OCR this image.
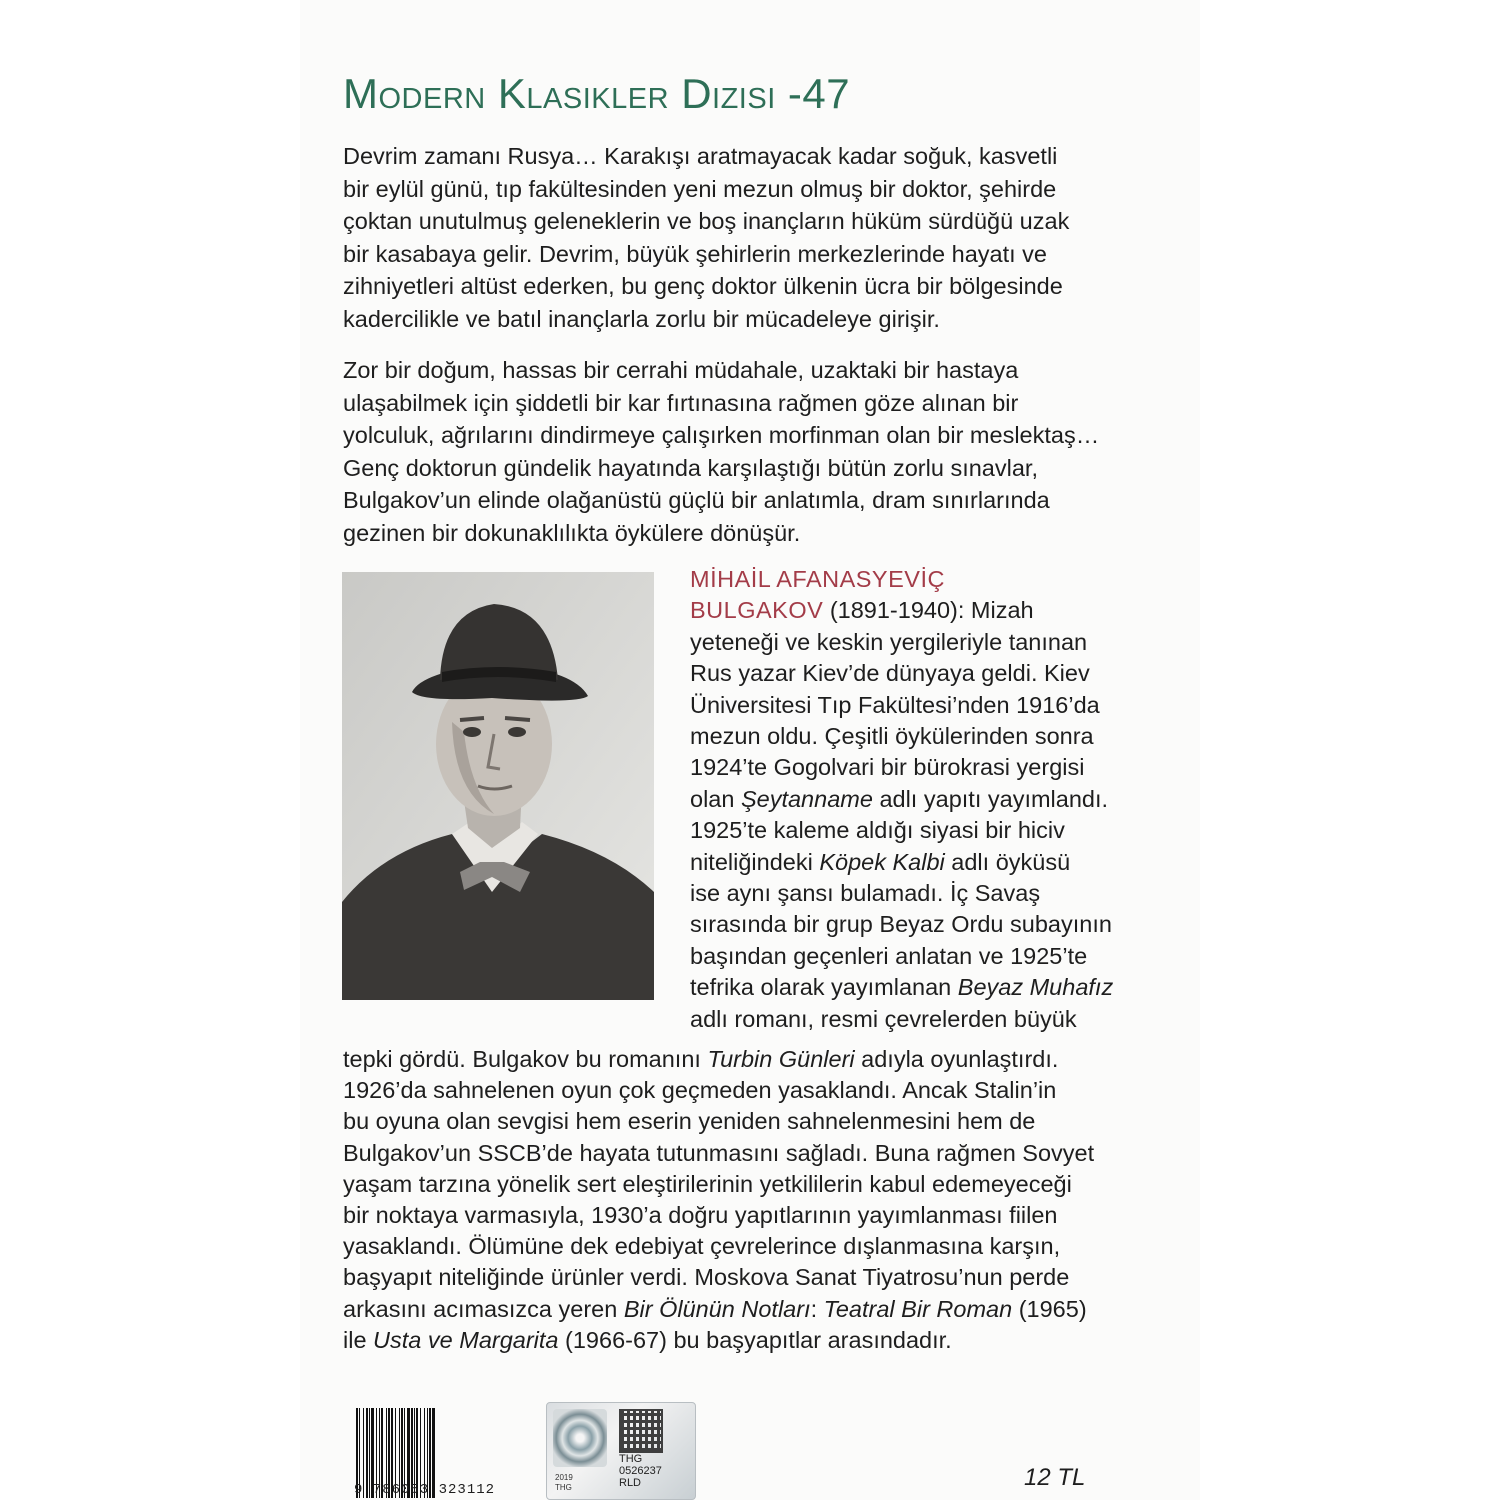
Modern Klasikler Dizisi -47

Devrim zamanı Rusya… Karakışı aratmayacak kadar soğuk, kasvetli

bir eylül günü, tıp fakültesinden yeni mezun olmuş bir doktor, şehirde

çoktan unutulmuş geleneklerin ve boş inançların hüküm sürdüğü uzak

bir kasabaya gelir. Devrim, büyük şehirlerin merkezlerinde hayatı ve

zihniyetleri altüst ederken, bu genç doktor ülkenin ücra bir bölgesinde

kadercilikle ve batıl inançlarla zorlu bir mücadeleye girişir.

Zor bir doğum, hassas bir cerrahi müdahale, uzaktaki bir hastaya

ulaşabilmek için şiddetli bir kar fırtınasına rağmen göze alınan bir

yolculuk, ağrılarını dindirmeye çalışırken morfinman olan bir meslektaş…

Genç doktorun gündelik hayatında karşılaştığı bütün zorlu sınavlar,

Bulgakov’un elinde olağanüstü güçlü bir anlatımla, dram sınırlarında

gezinen bir dokunaklılıkta öykülere dönüşür.

MİHAİL AFANASYEVİÇ

BULGAKOV (1891-1940): Mizah

yeteneği ve keskin yergileriyle tanınan

Rus yazar Kiev’de dünyaya geldi. Kiev

Üniversitesi Tıp Fakültesi’nden 1916’da

mezun oldu. Çeşitli öykülerinden sonra

1924’te Gogolvari bir bürokrasi yergisi

olan Şeytanname adlı yapıtı yayımlandı.

1925’te kaleme aldığı siyasi bir hiciv

niteliğindeki Köpek Kalbi adlı öyküsü

ise aynı şansı bulamadı. İç Savaş

sırasında bir grup Beyaz Ordu subayının

başından geçenleri anlatan ve 1925’te

tefrika olarak yayımlanan Beyaz Muhafız

adlı romanı, resmi çevrelerden büyük

tepki gördü. Bulgakov bu romanını Turbin Günleri adıyla oyunlaştırdı.

1926’da sahnelenen oyun çok geçmeden yasaklandı. Ancak Stalin’in

bu oyuna olan sevgisi hem eserin yeniden sahnelenmesini hem de

Bulgakov’un SSCB’de hayata tutunmasını sağladı. Buna rağmen Sovyet

yaşam tarzına yönelik sert eleştirilerinin yetkililerin kabul edemeyeceği

bir noktaya varmasıyla, 1930’a doğru yapıtlarının yayımlanması fiilen

yasaklandı. Ölümüne dek edebiyat çevrelerince dışlanmasına karşın,

başyapıt niteliğinde ürünler verdi. Moskova Sanat Tiyatrosu’nun perde

arkasını acımasızca yeren Bir Ölünün Notları: Teatral Bir Roman (1965)

ile Usta ve Margarita (1966-67) bu başyapıtlar arasındadır.

9 786053 323112
2019
THG
THG
0526237
RLD	12 TL
